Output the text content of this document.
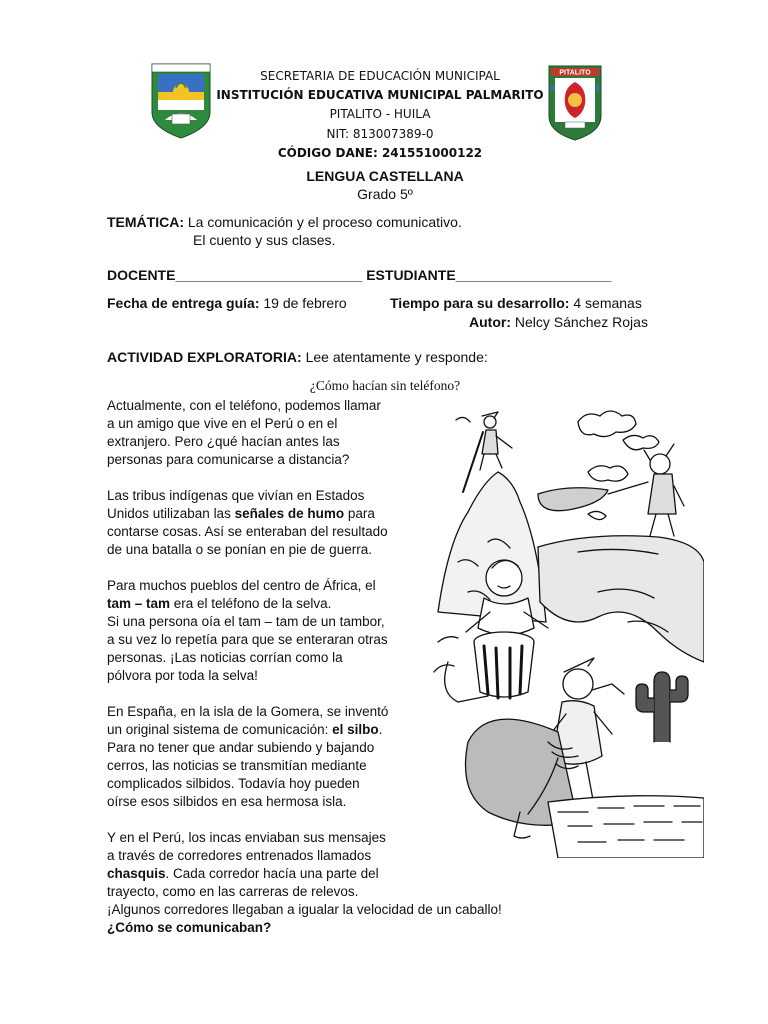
PITALITO
SECRETARIA DE EDUCACIÓN MUNICIPAL
INSTITUCIÓN EDUCATIVA MUNICIPAL PALMARITO
PITALITO - HUILA
NIT: 813007389-0
CÓDIGO DANE: 241551000122
LENGUA CASTELLANA
Grado 5º
TEMÁTICA: La comunicación y el proceso comunicativo.
El cuento y sus clases.
DOCENTE________________________ ESTUDIANTE____________________
Fecha de entrega guía: 19 de febrero	Tiempo para su desarrollo: 4 semanas
Autor: Nelcy Sánchez Rojas
ACTIVIDAD EXPLORATORIA: Lee atentamente y responde:
¿Cómo hacían sin teléfono?

Actualmente, con el teléfono, podemos llamar
a un amigo que vive en el Perú o en el
extranjero. Pero ¿qué hacían antes las
personas para comunicarse a distancia?

Las tribus indígenas que vivían en Estados
Unidos utilizaban las señales de humo para
contarse cosas. Así se enteraban del resultado
de una batalla o se ponían en pie de guerra.

Para muchos pueblos del centro de África, el
tam – tam era el teléfono de la selva.
Si una persona oía el tam – tam de un tambor,
a su vez lo repetía para que se enteraran otras
personas. ¡Las noticias corrían como la
pólvora por toda la selva!

En España, en la isla de la Gomera, se inventó
un original sistema de comunicación: el silbo.
Para no tener que andar subiendo y bajando
cerros, las noticias se transmitían mediante
complicados silbidos. Todavía hoy pueden
oírse esos silbidos en esa hermosa isla.

Y en el Perú, los incas enviaban sus mensajes
a través de corredores entrenados llamados
chasquis. Cada corredor hacía una parte del
trayecto, como en las carreras de relevos.
¡Algunos corredores llegaban a igualar la velocidad de un caballo!
¿Cómo se comunicaban?
